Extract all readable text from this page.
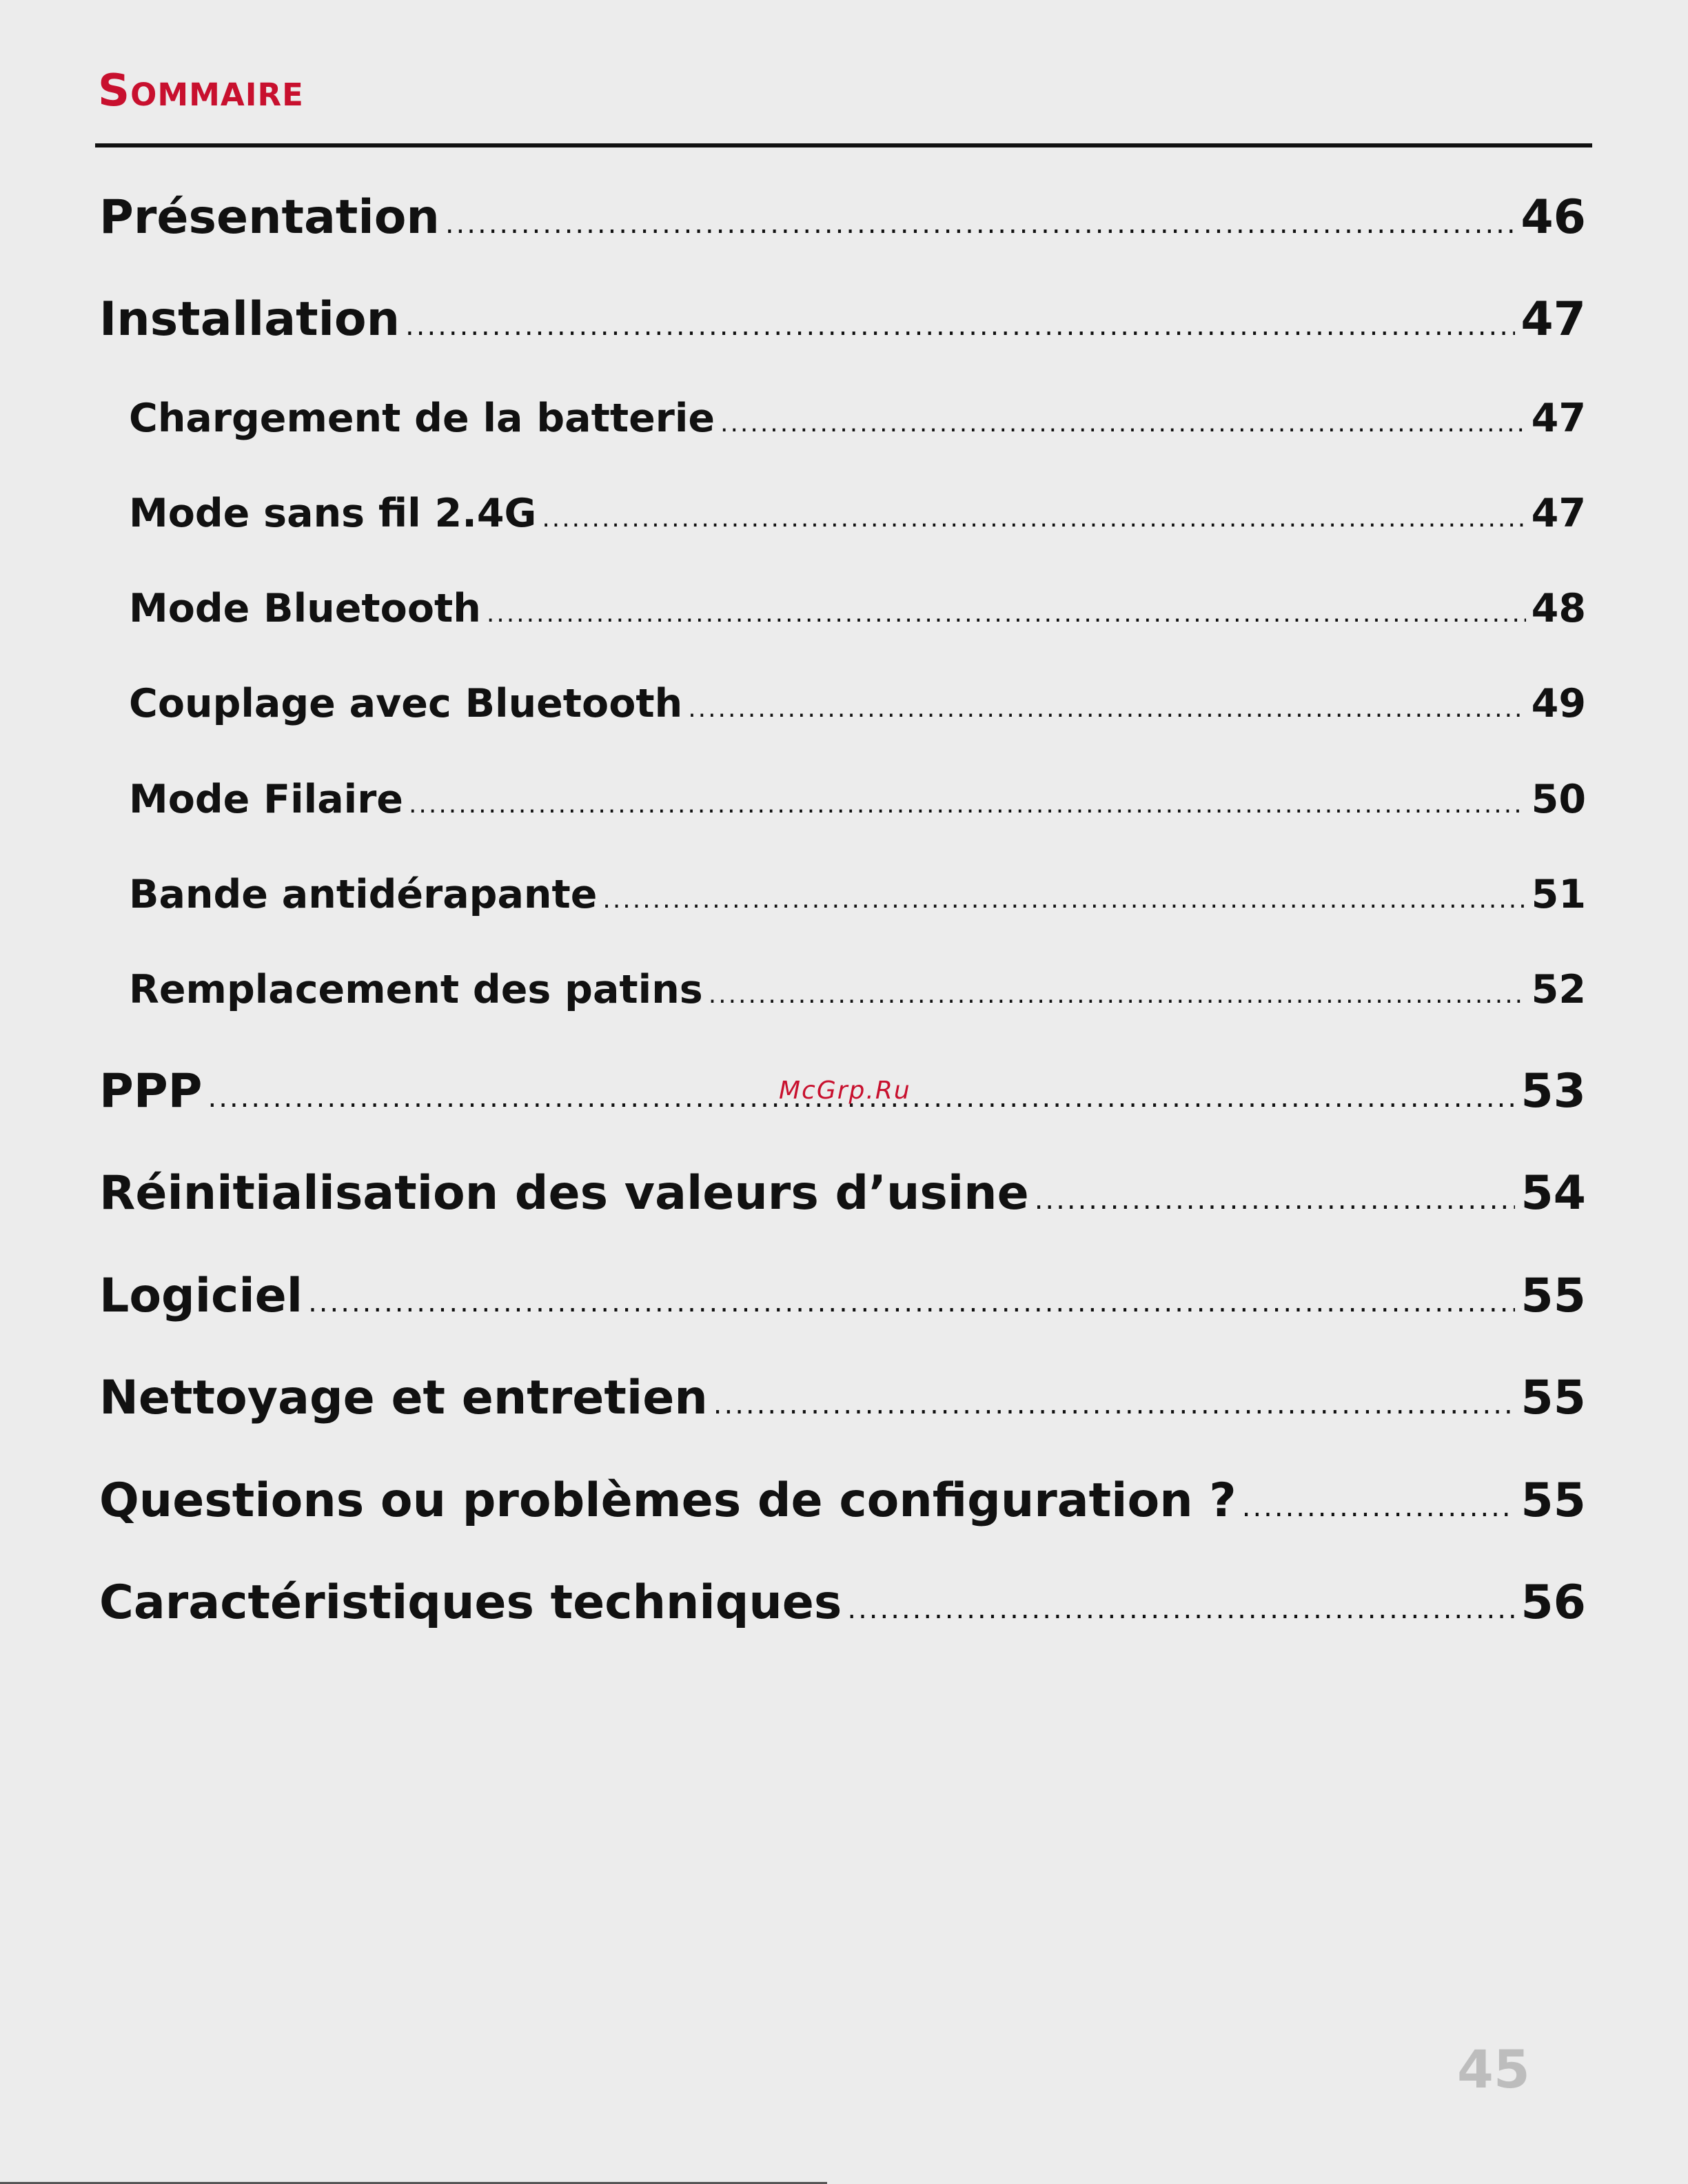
Sommaire
Présentation .....	46
Installation .....	47
Chargement de la batterie .....	47
Mode sans fil 2.4G .....	47
Mode Bluetooth .....	48
Couplage avec Bluetooth .....	49
Mode Filaire .....	50
Bande antidérapante .....	51
Remplacement des patins .....	52
PPP .....	53
Réinitialisation des valeurs d’usine .....	54
Logiciel .....	55
Nettoyage et entretien .....	55
Questions ou problèmes de configuration ? .....	55
Caractéristiques techniques .....	56
McGrp.Ru
45
